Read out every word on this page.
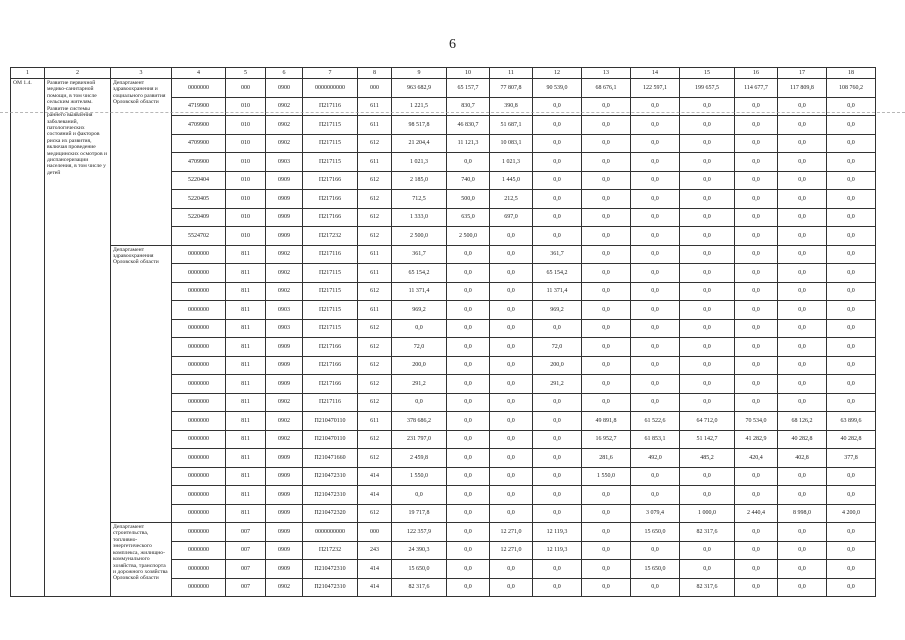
6
1	2	3	4	5	6	7	8	9	10	11	12	13	14	15	16	17	18
ОМ 1.4.	Развитие первичной медико-санитарной помощи, в том числе сельским жителям. Развитие системы раннего выявления заболеваний, патологических состояний и факторов риска их развития, включая проведение медицинских осмотров и диспансеризации населения, в том числе у детей	Департамент здравоохранения и социального развития Орловской области	0000000	000	0900	0000000000	000	963 682,9	65 157,7	77 807,8	90 539,0	68 676,1	122 597,1	199 657,5	114 677,7	117 809,8	108 760,2
			4719900	010	0902	П217116	611	1 221,5	830,7	390,8	0,0	0,0	0,0	0,0	0,0	0,0	0,0
			4709900	010	0902	П217115	611	98 517,8	46 830,7	51 687,1	0,0	0,0	0,0	0,0	0,0	0,0	0,0
			4709900	010	0902	П217115	612	21 204,4	11 121,3	10 083,1	0,0	0,0	0,0	0,0	0,0	0,0	0,0
			4709900	010	0903	П217115	611	1 021,3	0,0	1 021,3	0,0	0,0	0,0	0,0	0,0	0,0	0,0
			5220404	010	0909	П217166	612	2 185,0	740,0	1 445,0	0,0	0,0	0,0	0,0	0,0	0,0	0,0
			5220405	010	0909	П217166	612	712,5	500,0	212,5	0,0	0,0	0,0	0,0	0,0	0,0	0,0
			5220409	010	0909	П217166	612	1 333,0	635,0	697,0	0,0	0,0	0,0	0,0	0,0	0,0	0,0
			5524702	010	0909	П217232	612	2 500,0	2 500,0	0,0	0,0	0,0	0,0	0,0	0,0	0,0	0,0
		Департамент здравоохранения Орловской области	0000000	811	0902	П217116	611	361,7	0,0	0,0	361,7	0,0	0,0	0,0	0,0	0,0	0,0
			0000000	811	0902	П217115	611	65 154,2	0,0	0,0	65 154,2	0,0	0,0	0,0	0,0	0,0	0,0
			0000000	811	0902	П217115	612	11 371,4	0,0	0,0	11 371,4	0,0	0,0	0,0	0,0	0,0	0,0
			0000000	811	0903	П217115	611	969,2	0,0	0,0	969,2	0,0	0,0	0,0	0,0	0,0	0,0
			0000000	811	0903	П217115	612	0,0	0,0	0,0	0,0	0,0	0,0	0,0	0,0	0,0	0,0
			0000000	811	0909	П217166	612	72,0	0,0	0,0	72,0	0,0	0,0	0,0	0,0	0,0	0,0
			0000000	811	0909	П217166	612	200,0	0,0	0,0	200,0	0,0	0,0	0,0	0,0	0,0	0,0
			0000000	811	0909	П217166	612	291,2	0,0	0,0	291,2	0,0	0,0	0,0	0,0	0,0	0,0
			0000000	811	0902	П217116	612	0,0	0,0	0,0	0,0	0,0	0,0	0,0	0,0	0,0	0,0
			0000000	811	0902	П210470110	611	378 686,2	0,0	0,0	0,0	49 891,8	61 522,6	64 712,0	70 534,0	68 126,2	63 899,6
			0000000	811	0902	П210470110	612	231 797,0	0,0	0,0	0,0	16 952,7	61 853,1	51 142,7	41 282,9	40 282,8	40 282,8
			0000000	811	0909	П210471660	612	2 459,8	0,0	0,0	0,0	281,6	492,0	485,2	420,4	402,8	377,8
			0000000	811	0909	П210472310	414	1 550,0	0,0	0,0	0,0	1 550,0	0,0	0,0	0,0	0,0	0,0
			0000000	811	0909	П210472310	414	0,0	0,0	0,0	0,0	0,0	0,0	0,0	0,0	0,0	0,0
			0000000	811	0909	П210472320	612	19 717,8	0,0	0,0	0,0	0,0	3 079,4	1 000,0	2 440,4	8 998,0	4 200,0
		Департамент строительства, топливно-энергетического комплекса, жилищно-коммунального хозяйства, транспорта и дорожного хозяйства Орловской области	0000000	007	0909	0000000000	000	122 357,9	0,0	12 271,0	12 119,3	0,0	15 650,0	82 317,6	0,0	0,0	0,0
			0000000	007	0909	П217232	243	24 390,3	0,0	12 271,0	12 119,3	0,0	0,0	0,0	0,0	0,0	0,0
			0000000	007	0909	П210472310	414	15 650,0	0,0	0,0	0,0	0,0	15 650,0	0,0	0,0	0,0	0,0
			0000000	007	0902	П210472310	414	82 317,6	0,0	0,0	0,0	0,0	0,0	82 317,6	0,0	0,0	0,0
